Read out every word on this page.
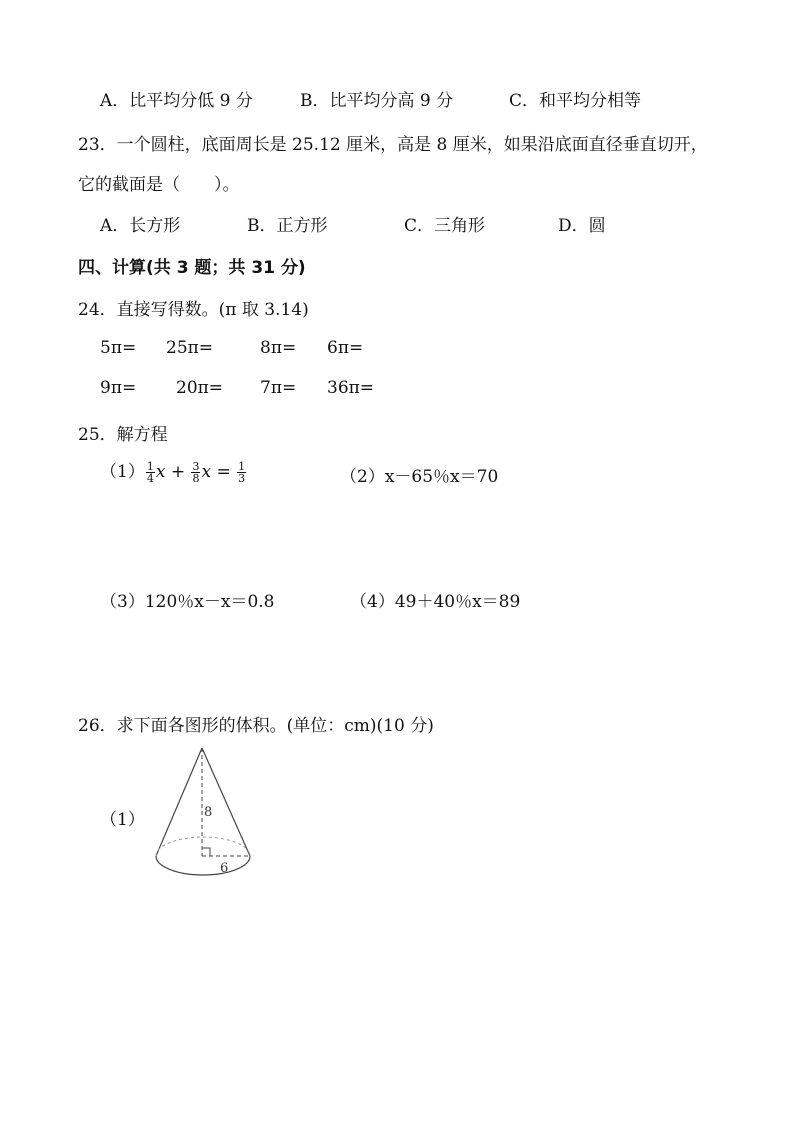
A．比平均分低 9 分	B．比平均分高 9 分	C．和平均分相等
23．一个圆柱，底面周长是 25.12 厘米，高是 8 厘米，如果沿底面直径垂直切开，
它的截面是（　　）。
A．长方形	B．正方形	C．三角形	D．圆
四、计算(共 3 题；共 31 分)
24．直接写得数。(π 取 3.14)
5π= 25π=	8π= 6π=
9π= 20π= 7π= 36π=
25．解方程
$(1) \frac{1}{4}$ $x + \frac{3}{8}$ $x = \frac{1}{3}$	（2）x－65％x＝70
（3）120％x－x＝0.8	（4）49＋40％x＝89
26．求下面各图形的体积。(单位：cm)(10 分)
（1）	8
6
